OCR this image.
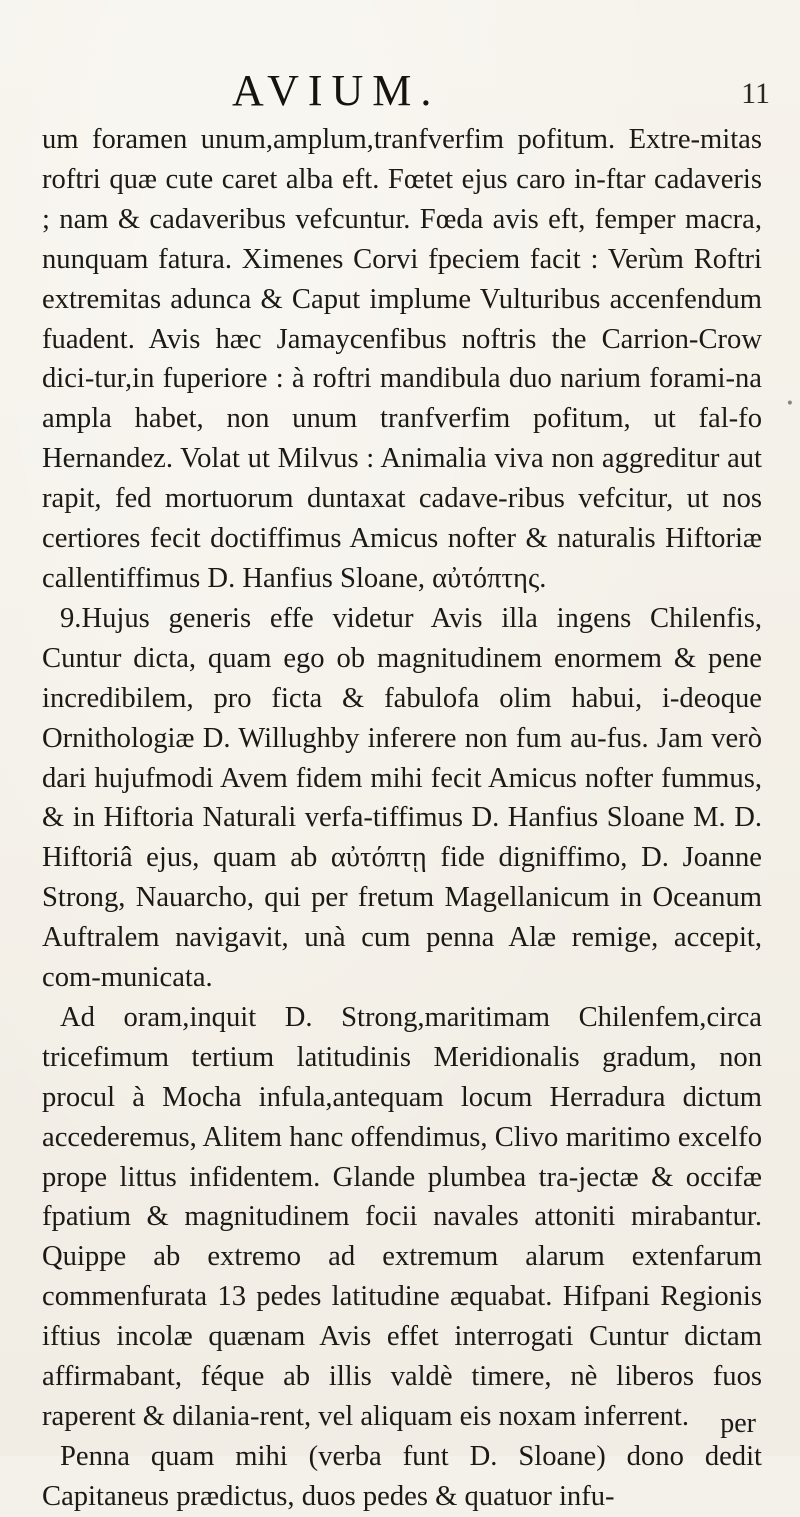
AVIUM.	11

um foramen unum,amplum,tranfverfim pofitum. Extre-mitas roftri quæ cute caret alba eft. Fœtet ejus caro in-ftar cadaveris ; nam & cadaveribus vefcuntur. Fœda avis eft, femper macra, nunquam fatura. Ximenes Corvi fpeciem facit : Verùm Roftri extremitas adunca & Caput implume Vulturibus accenfendum fuadent. Avis hæc Jamaycenfibus noftris the Carrion-Crow dici-tur,in fuperiore : à roftri mandibula duo narium forami-na ampla habet, non unum tranfverfim pofitum, ut fal-fo Hernandez. Volat ut Milvus : Animalia viva non aggreditur aut rapit, fed mortuorum duntaxat cadave-ribus vefcitur, ut nos certiores fecit doctiffimus Amicus nofter & naturalis Hiftoriæ callentiffimus D. Hanfius Sloane, αὐτόπτης.

9.Hujus generis effe videtur Avis illa ingens Chilenfis, Cuntur dicta, quam ego ob magnitudinem enormem & pene incredibilem, pro ficta & fabulofa olim habui, i-deoque Ornithologiæ D. Willughby inferere non fum au-fus. Jam verò dari hujufmodi Avem fidem mihi fecit Amicus nofter fummus, & in Hiftoria Naturali verfa-tiffimus D. Hanfius Sloane M. D. Hiftoriâ ejus, quam ab αὐτόπτῃ fide digniffimo, D. Joanne Strong, Nauarcho, qui per fretum Magellanicum in Oceanum Auftralem navigavit, unà cum penna Alæ remige, accepit, com-municata.

Ad oram,inquit D. Strong,maritimam Chilenfem,circa tricefimum tertium latitudinis Meridionalis gradum, non procul à Mocha infula,antequam locum Herradura dictum accederemus, Alitem hanc offendimus, Clivo maritimo excelfo prope littus infidentem. Glande plumbea tra-jectæ & occifæ fpatium & magnitudinem focii navales attoniti mirabantur. Quippe ab extremo ad extremum alarum extenfarum commenfurata 13 pedes latitudine æquabat. Hifpani Regionis iftius incolæ quænam Avis effet interrogati Cuntur dictam affirmabant, féque ab illis valdè timere, nè liberos fuos raperent & dilania-rent, vel aliquam eis noxam inferrent.

Penna quam mihi (verba funt D. Sloane) dono dedit Capitaneus prædictus, duos pedes & quatuor infu-

•
per
